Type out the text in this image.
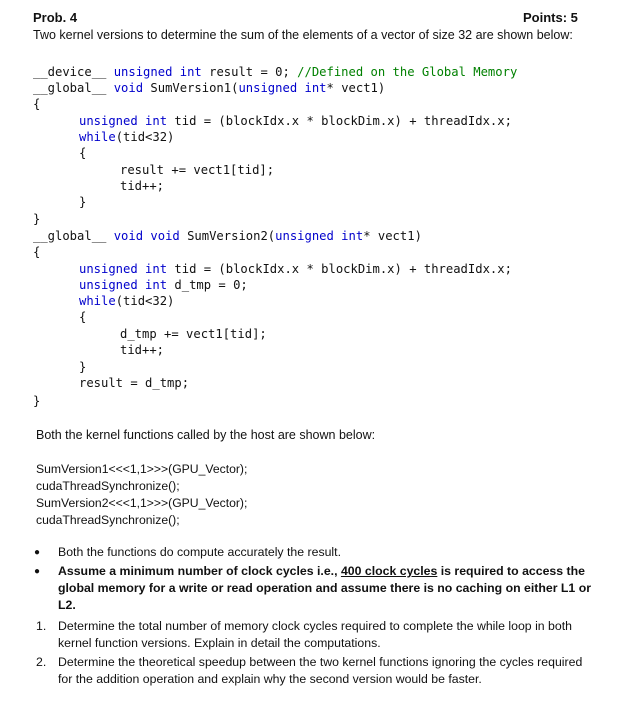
Prob. 4	Points: 5
Two kernel versions to determine the sum of the elements of a vector of size 32 are shown below:
__device__ unsigned int result = 0; //Defined on the Global Memory
__global__ void SumVersion1(unsigned int* vect1)
{
unsigned int tid = (blockIdx.x * blockDim.x) + threadIdx.x;
while(tid<32)
{
result += vect1[tid];
tid++;
}
}
__global__ void void SumVersion2(unsigned int* vect1)
{
unsigned int tid = (blockIdx.x * blockDim.x) + threadIdx.x;
unsigned int d_tmp = 0;
while(tid<32)
{
d_tmp += vect1[tid];
tid++;
}
result = d_tmp;
}
Both the kernel functions called by the host are shown below:
SumVersion1<<<1,1>>>(GPU_Vector);
cudaThreadSynchronize();
SumVersion2<<<1,1>>>(GPU_Vector);
cudaThreadSynchronize();
● Both the functions do compute accurately the result.
● Assume a minimum number of clock cycles i.e., 400 clock cycles is required to access the global memory for a write or read operation and assume there is no caching on either L1 or L2.
1. Determine the total number of memory clock cycles required to complete the while loop in both kernel function versions. Explain in detail the computations.
2. Determine the theoretical speedup between the two kernel functions ignoring the cycles required for the addition operation and explain why the second version would be faster.
